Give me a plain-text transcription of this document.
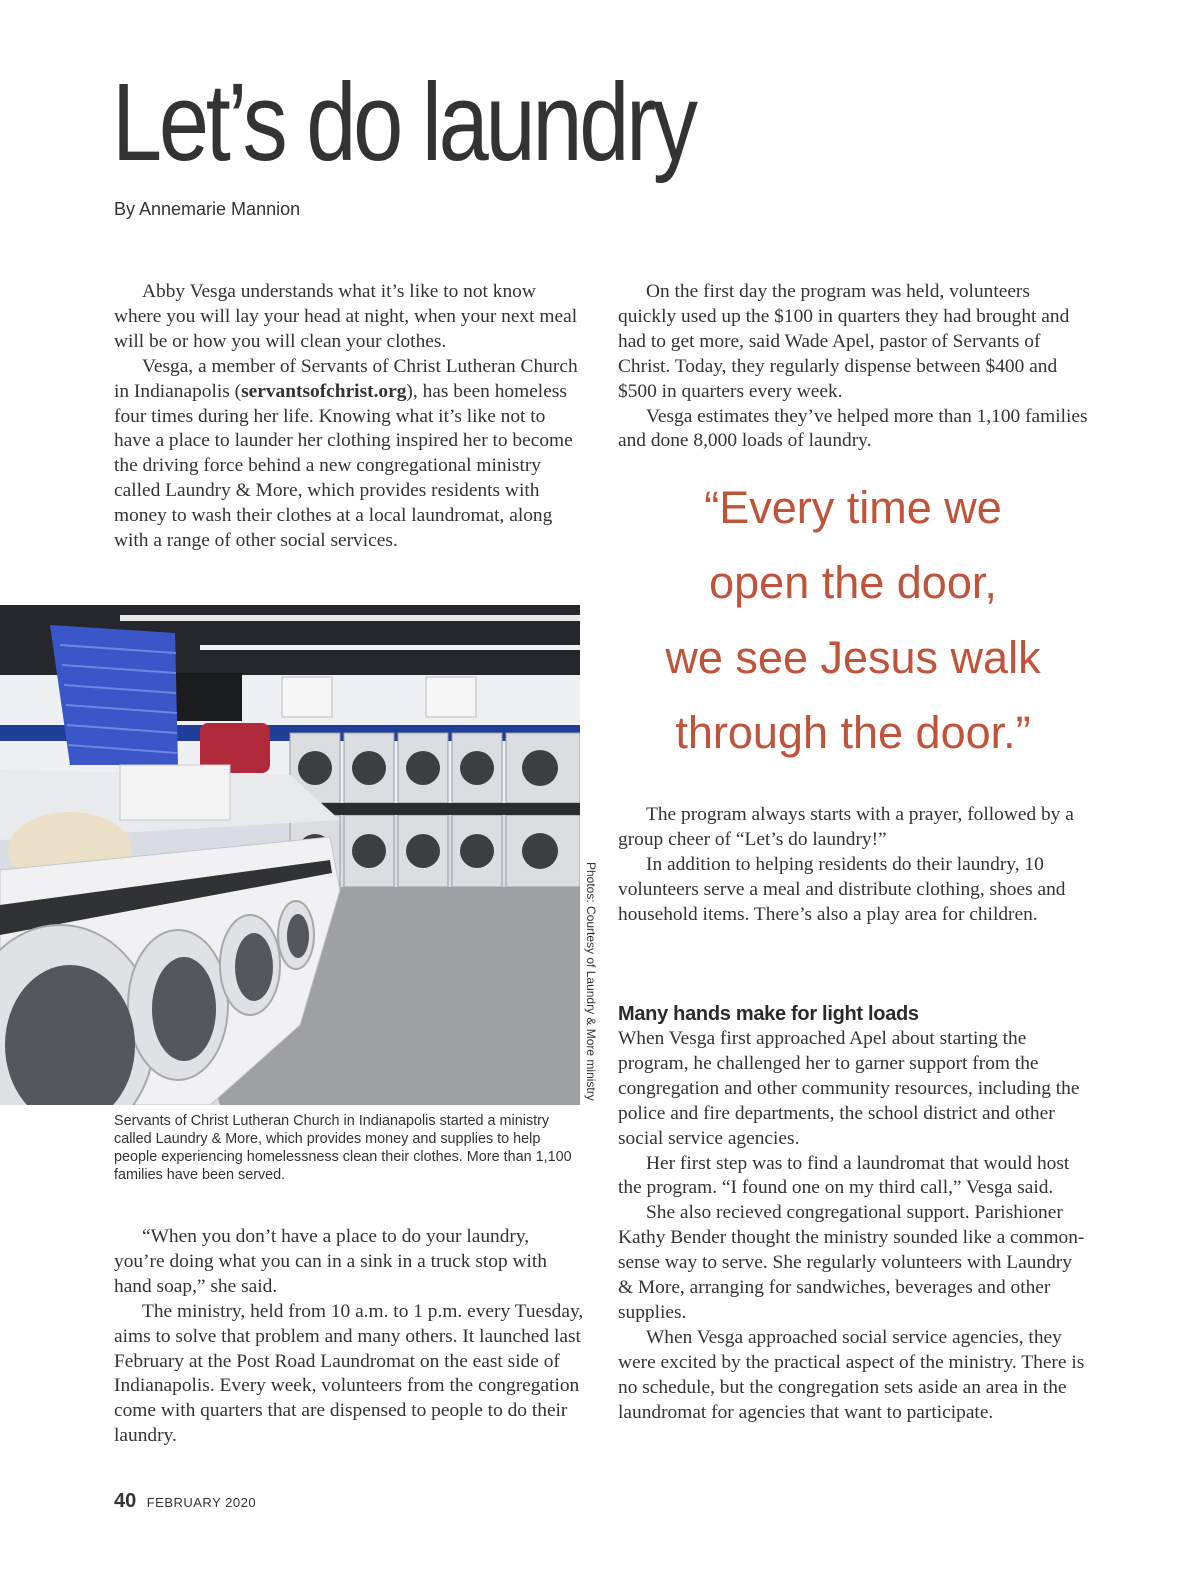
Let’s do laundry
By Annemarie Mannion

Abby Vesga understands what it’s like to not know where you will lay your head at night, when your next meal will be or how you will clean your clothes.

Vesga, a member of Servants of Christ Lutheran Church in Indianapolis (servantsofchrist.org), has been homeless four times during her life. Knowing what it’s like not to have a place to launder her clothing inspired her to become the driving force behind a new congregational ministry called Laundry & More, which provides residents with money to wash their clothes at a local laundromat, along with a range of other social services.

Photos: Courtesy of Laundry & More ministry
Servants of Christ Lutheran Church in Indianapolis started a ministry called Laundry & More, which provides money and supplies to help people experiencing homelessness clean their clothes. More than 1,100 families have been served.

“When you don’t have a place to do your laundry, you’re doing what you can in a sink in a truck stop with hand soap,” she said.

The ministry, held from 10 a.m. to 1 p.m. every Tuesday, aims to solve that problem and many others. It launched last February at the Post Road Laundromat on the east side of Indianapolis. Every week, volunteers from the congregation come with quarters that are dispensed to people to do their laundry.

On the first day the program was held, volunteers quickly used up the $100 in quarters they had brought and had to get more, said Wade Apel, pastor of Servants of Christ. Today, they regularly dispense between $400 and $500 in quarters every week.

Vesga estimates they’ve helped more than 1,100 families and done 8,000 loads of laundry.

“Every time we
open the door,
we see Jesus walk
through the door.”

The program always starts with a prayer, followed by a group cheer of “Let’s do laundry!”

In addition to helping residents do their laundry, 10 volunteers serve a meal and distribute clothing, shoes and household items. There’s also a play area for children.

Many hands make for light loads

When Vesga first approached Apel about starting the program, he challenged her to garner support from the congregation and other community resources, including the police and fire departments, the school district and other social service agencies.

Her first step was to find a laundromat that would host the program. “I found one on my third call,” Vesga said.

She also recieved congregational support. Parishioner Kathy Bender thought the ministry sounded like a common-sense way to serve. She regularly volunteers with Laundry & More, arranging for sandwiches, beverages and other supplies.

When Vesga approached social service agencies, they were excited by the practical aspect of the ministry. There is no schedule, but the congregation sets aside an area in the laundromat for agencies that want to participate.

40 FEBRUARY 2020
